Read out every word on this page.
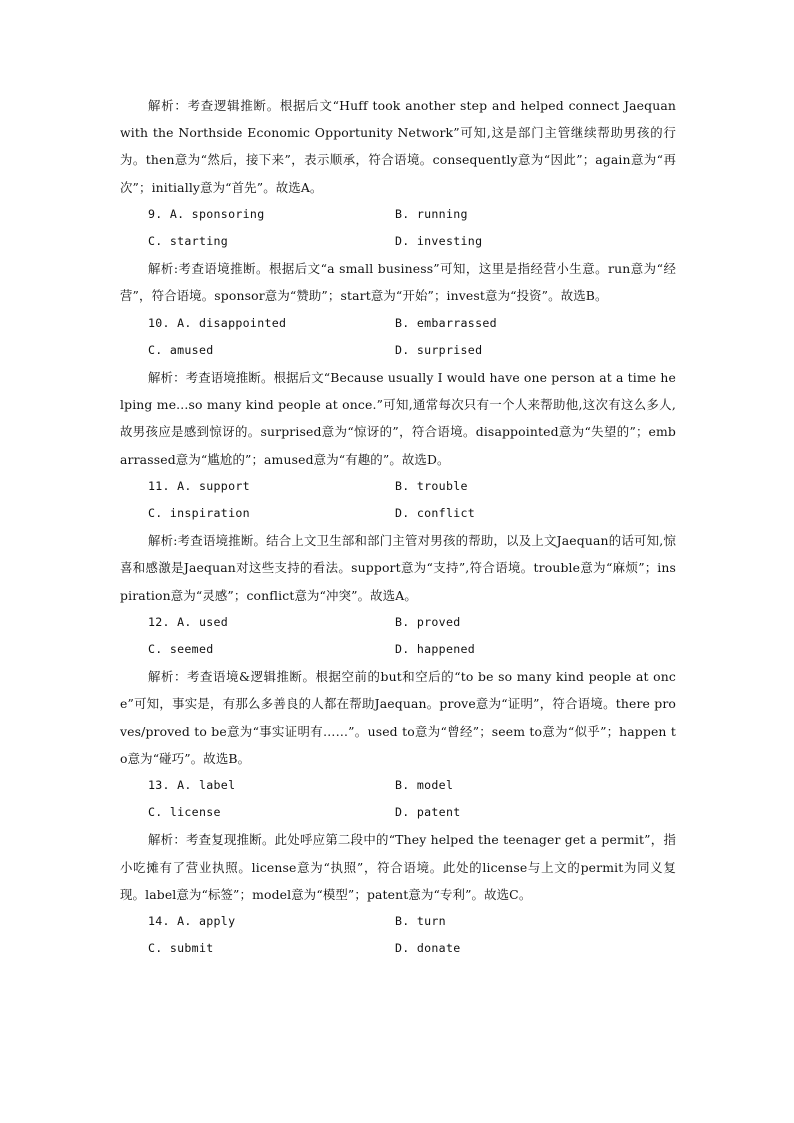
解析：考查逻辑推断。根据后文“Huff took another step and helped connect Jaequan with the Northside Economic Opportunity Network”可知,这是部门主管继续帮助男孩的行为。then意为“然后，接下来”，表示顺承，符合语境。consequently意为“因此”；again意为“再次”；initially意为“首先”。故选A。

9. A. sponsoring	B. running
C. starting	D. investing

解析:考查语境推断。根据后文“a small business”可知，这里是指经营小生意。run意为“经营”，符合语境。sponsor意为“赞助”；start意为“开始”；invest意为“投资”。故选B。

10. A. disappointed	B. embarrassed
C. amused	D. surprised

解析：考查语境推断。根据后文“Because usually I would have one person at a time helping me...so many kind people at once.”可知,通常每次只有一个人来帮助他,这次有这么多人,故男孩应是感到惊讶的。surprised意为“惊讶的”，符合语境。disappointed意为“失望的”；embarrassed意为“尴尬的”；amused意为“有趣的”。故选D。

11. A. support	B. trouble
C. inspiration	D. conflict

解析:考查语境推断。结合上文卫生部和部门主管对男孩的帮助，以及上文Jaequan的话可知,惊喜和感激是Jaequan对这些支持的看法。support意为“支持”,符合语境。trouble意为“麻烦”；inspiration意为“灵感”；conflict意为“冲突”。故选A。

12. A. used	B. proved
C. seemed	D. happened

解析：考查语境&逻辑推断。根据空前的but和空后的“to be so many kind people at once”可知，事实是，有那么多善良的人都在帮助Jaequan。prove意为“证明”，符合语境。there proves/proved to be意为“事实证明有……”。used to意为“曾经”；seem to意为“似乎”；happen to意为“碰巧”。故选B。

13. A. label	B. model
C. license	D. patent

解析：考查复现推断。此处呼应第二段中的“They helped the teenager get a permit”，指小吃摊有了营业执照。license意为“执照”，符合语境。此处的license与上文的permit为同义复现。label意为“标签”；model意为“模型”；patent意为“专利”。故选C。

14. A. apply	B. turn
C. submit	D. donate
